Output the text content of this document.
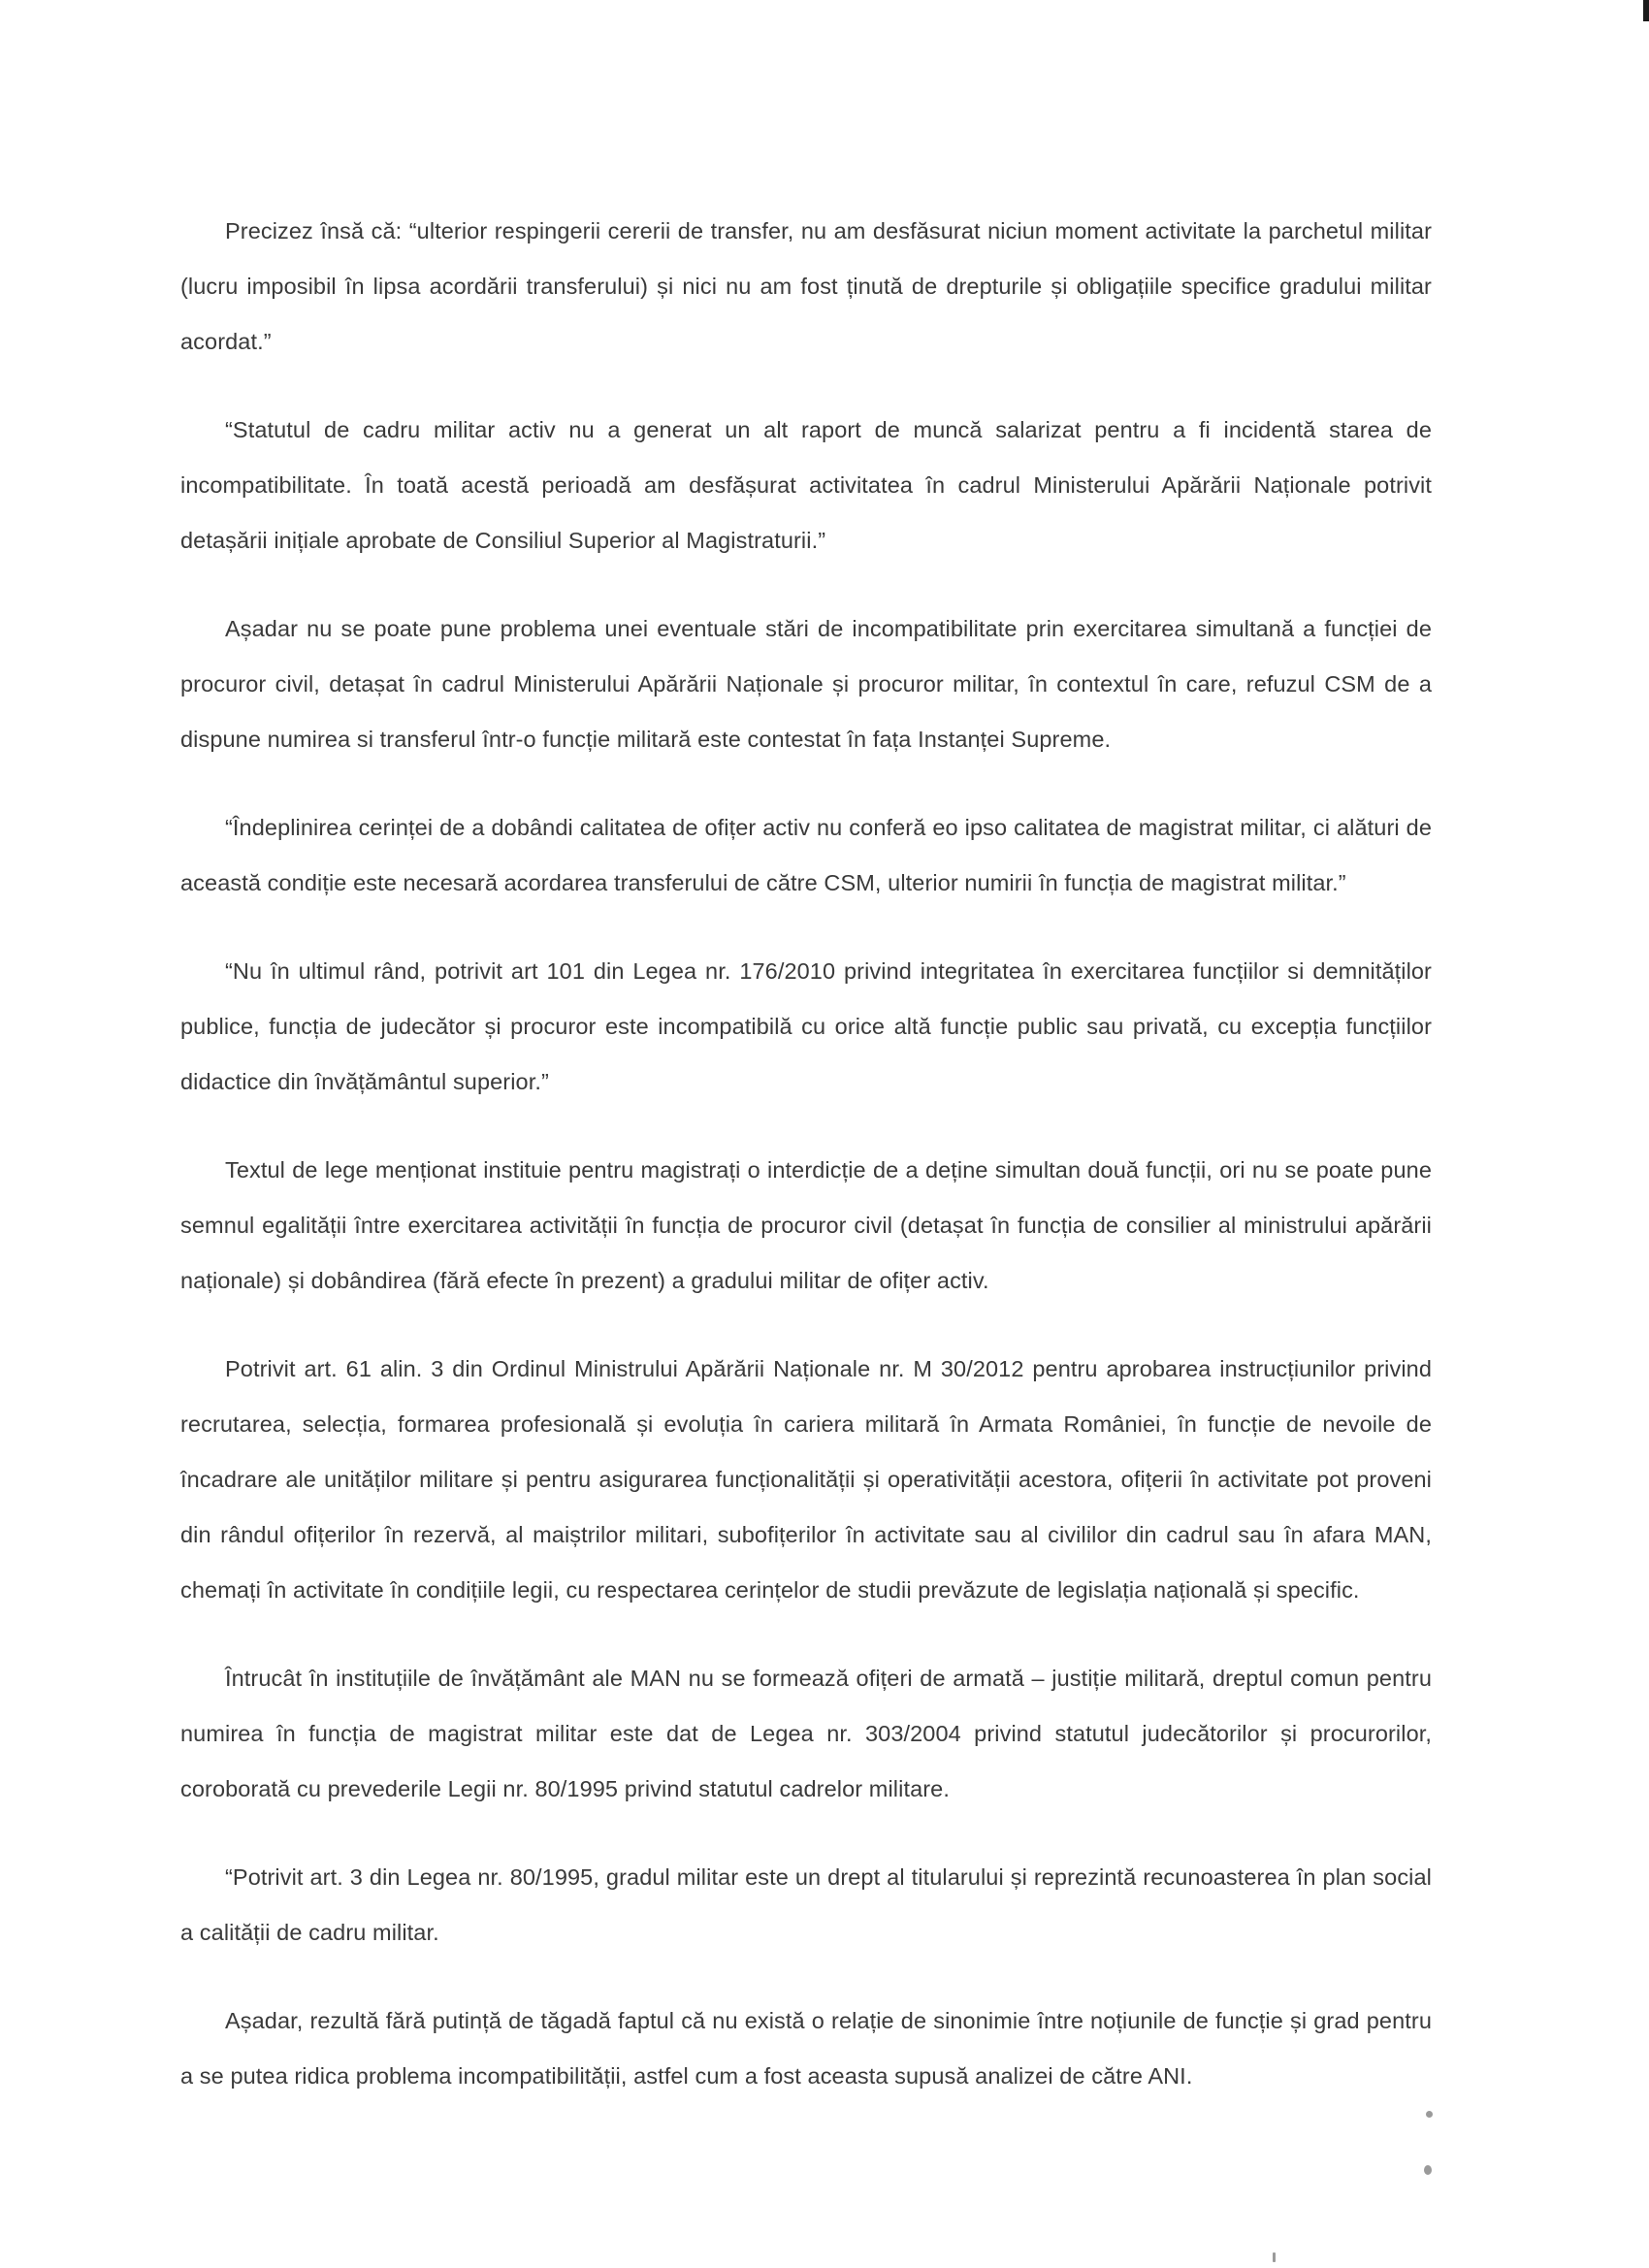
Precizez însă că: “ulterior respingerii cererii de transfer, nu am desfăsurat niciun moment activitate la parchetul militar (lucru imposibil în lipsa acordării transferului) și nici nu am fost ținută de drepturile și obligațiile specifice gradului militar acordat.”

“Statutul de cadru militar activ nu a generat un alt raport de muncă salarizat pentru a fi incidentă starea de incompatibilitate. În toată acestă perioadă am desfășurat activitatea în cadrul Ministerului Apărării Naționale potrivit detașării inițiale aprobate de Consiliul Superior al Magistraturii.”

Așadar nu se poate pune problema unei eventuale stări de incompatibilitate prin exercitarea simultană a funcției de procuror civil, detașat în cadrul Ministerului Apărării Naționale și procuror militar, în contextul în care, refuzul CSM de a dispune numirea si transferul într-o funcție militară este contestat în fața Instanței Supreme.

“Îndeplinirea cerinței de a dobândi calitatea de ofițer activ nu conferă eo ipso calitatea de magistrat militar, ci alături de această condiție este necesară acordarea transferului de către CSM, ulterior numirii în funcția de magistrat militar.”

“Nu în ultimul rând, potrivit art 101 din Legea nr. 176/2010 privind integritatea în exercitarea funcțiilor si demnităților publice, funcția de judecător și procuror este incompatibilă cu orice altă funcție public sau privată, cu excepția funcțiilor didactice din învățământul superior.”

Textul de lege menționat instituie pentru magistrați o interdicție de a deține simultan două funcții, ori nu se poate pune semnul egalității între exercitarea activității în funcția de procuror civil (detașat în funcția de consilier al ministrului apărării naționale) și dobândirea (fără efecte în prezent) a gradului militar de ofițer activ.

Potrivit art. 61 alin. 3 din Ordinul Ministrului Apărării Naționale nr. M 30/2012 pentru aprobarea instrucțiunilor privind recrutarea, selecția, formarea profesională și evoluția în cariera militară în Armata României, în funcție de nevoile de încadrare ale unităților militare și pentru asigurarea funcționalității și operativității acestora, ofițerii în activitate pot proveni din rândul ofițerilor în rezervă, al maiștrilor militari, subofițerilor în activitate sau al civililor din cadrul sau în afara MAN, chemați în activitate în condițiile legii, cu respectarea cerințelor de studii prevăzute de legislația națională și specific.

Întrucât în instituțiile de învățământ ale MAN nu se formează ofițeri de armată – justiție militară, dreptul comun pentru numirea în funcția de magistrat militar este dat de Legea nr. 303/2004 privind statutul judecătorilor și procurorilor, coroborată cu prevederile Legii nr. 80/1995 privind statutul cadrelor militare.

“Potrivit art. 3 din Legea nr. 80/1995, gradul militar este un drept al titularului și reprezintă recunoasterea în plan social a calității de cadru militar.

Așadar, rezultă fără putință de tăgadă faptul că nu există o relație de sinonimie între noțiunile de funcție și grad pentru a se putea ridica problema incompatibilității, astfel cum a fost aceasta supusă analizei de către ANI.
